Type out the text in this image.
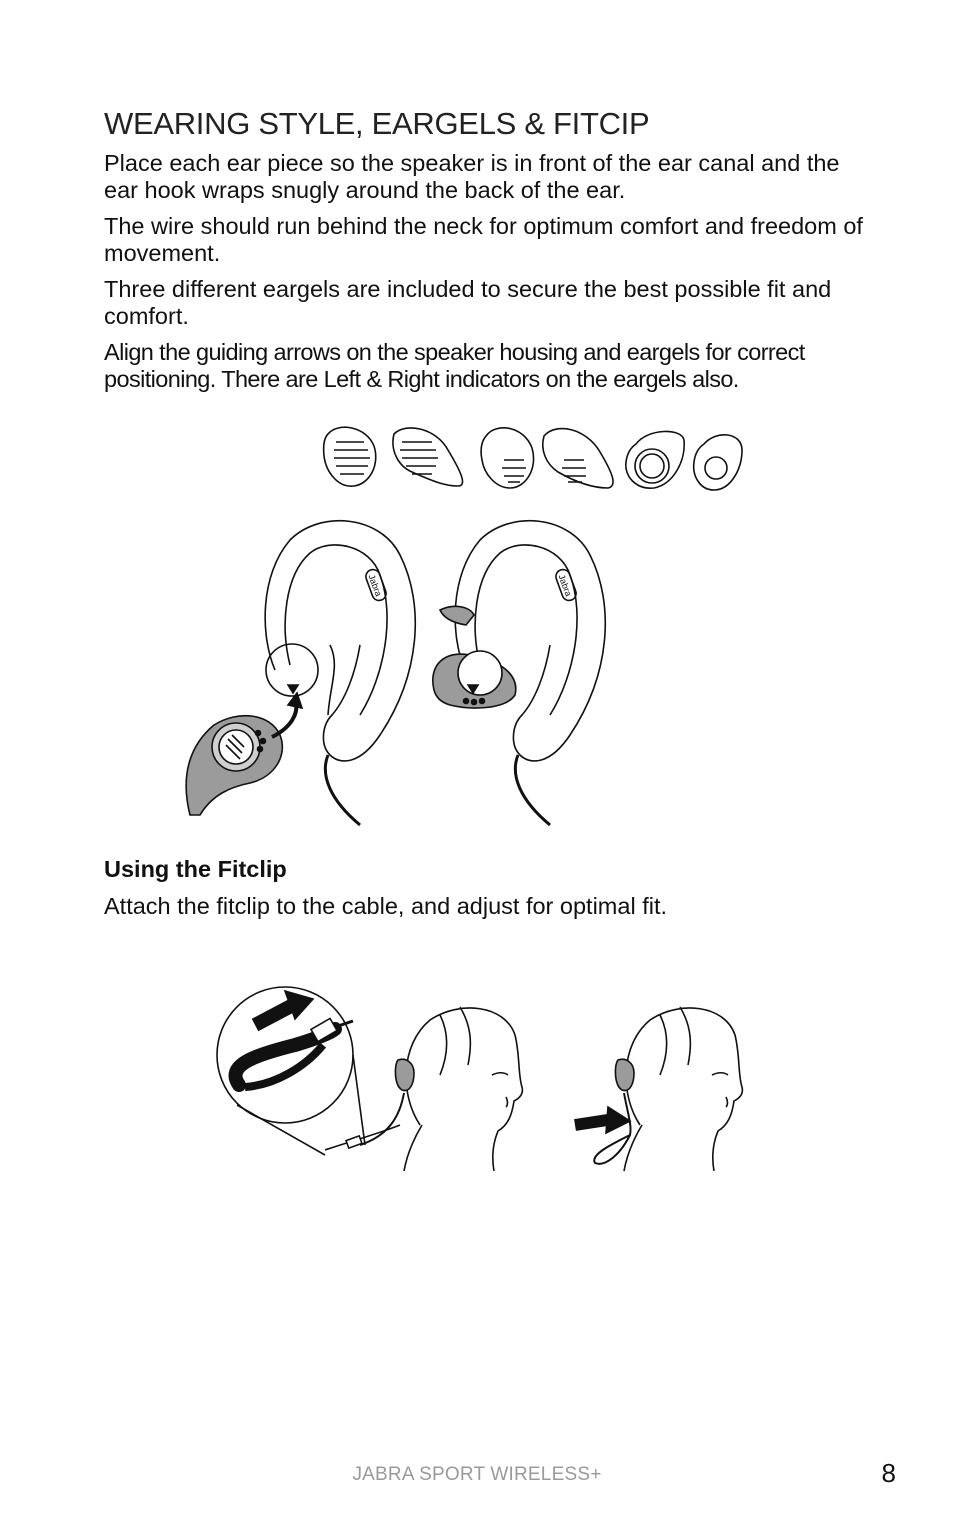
WEARING STYLE, EARGELS & FITCIP

Place each ear piece so the speaker is in front of the ear canal and the ear hook wraps snugly around the back of the ear.

The wire should run behind the neck for optimum comfort and freedom of movement.

Three different eargels are included to secure the best possible fit and comfort.

Align the guiding arrows on the speaker housing and eargels for correct positioning. There are Left & Right indicators on the eargels also.

Jabra	Jabra
Using the Fitclip

Attach the fitclip to the cable, and adjust for optimal fit.

JABRA SPORT WIRELESS+	8
